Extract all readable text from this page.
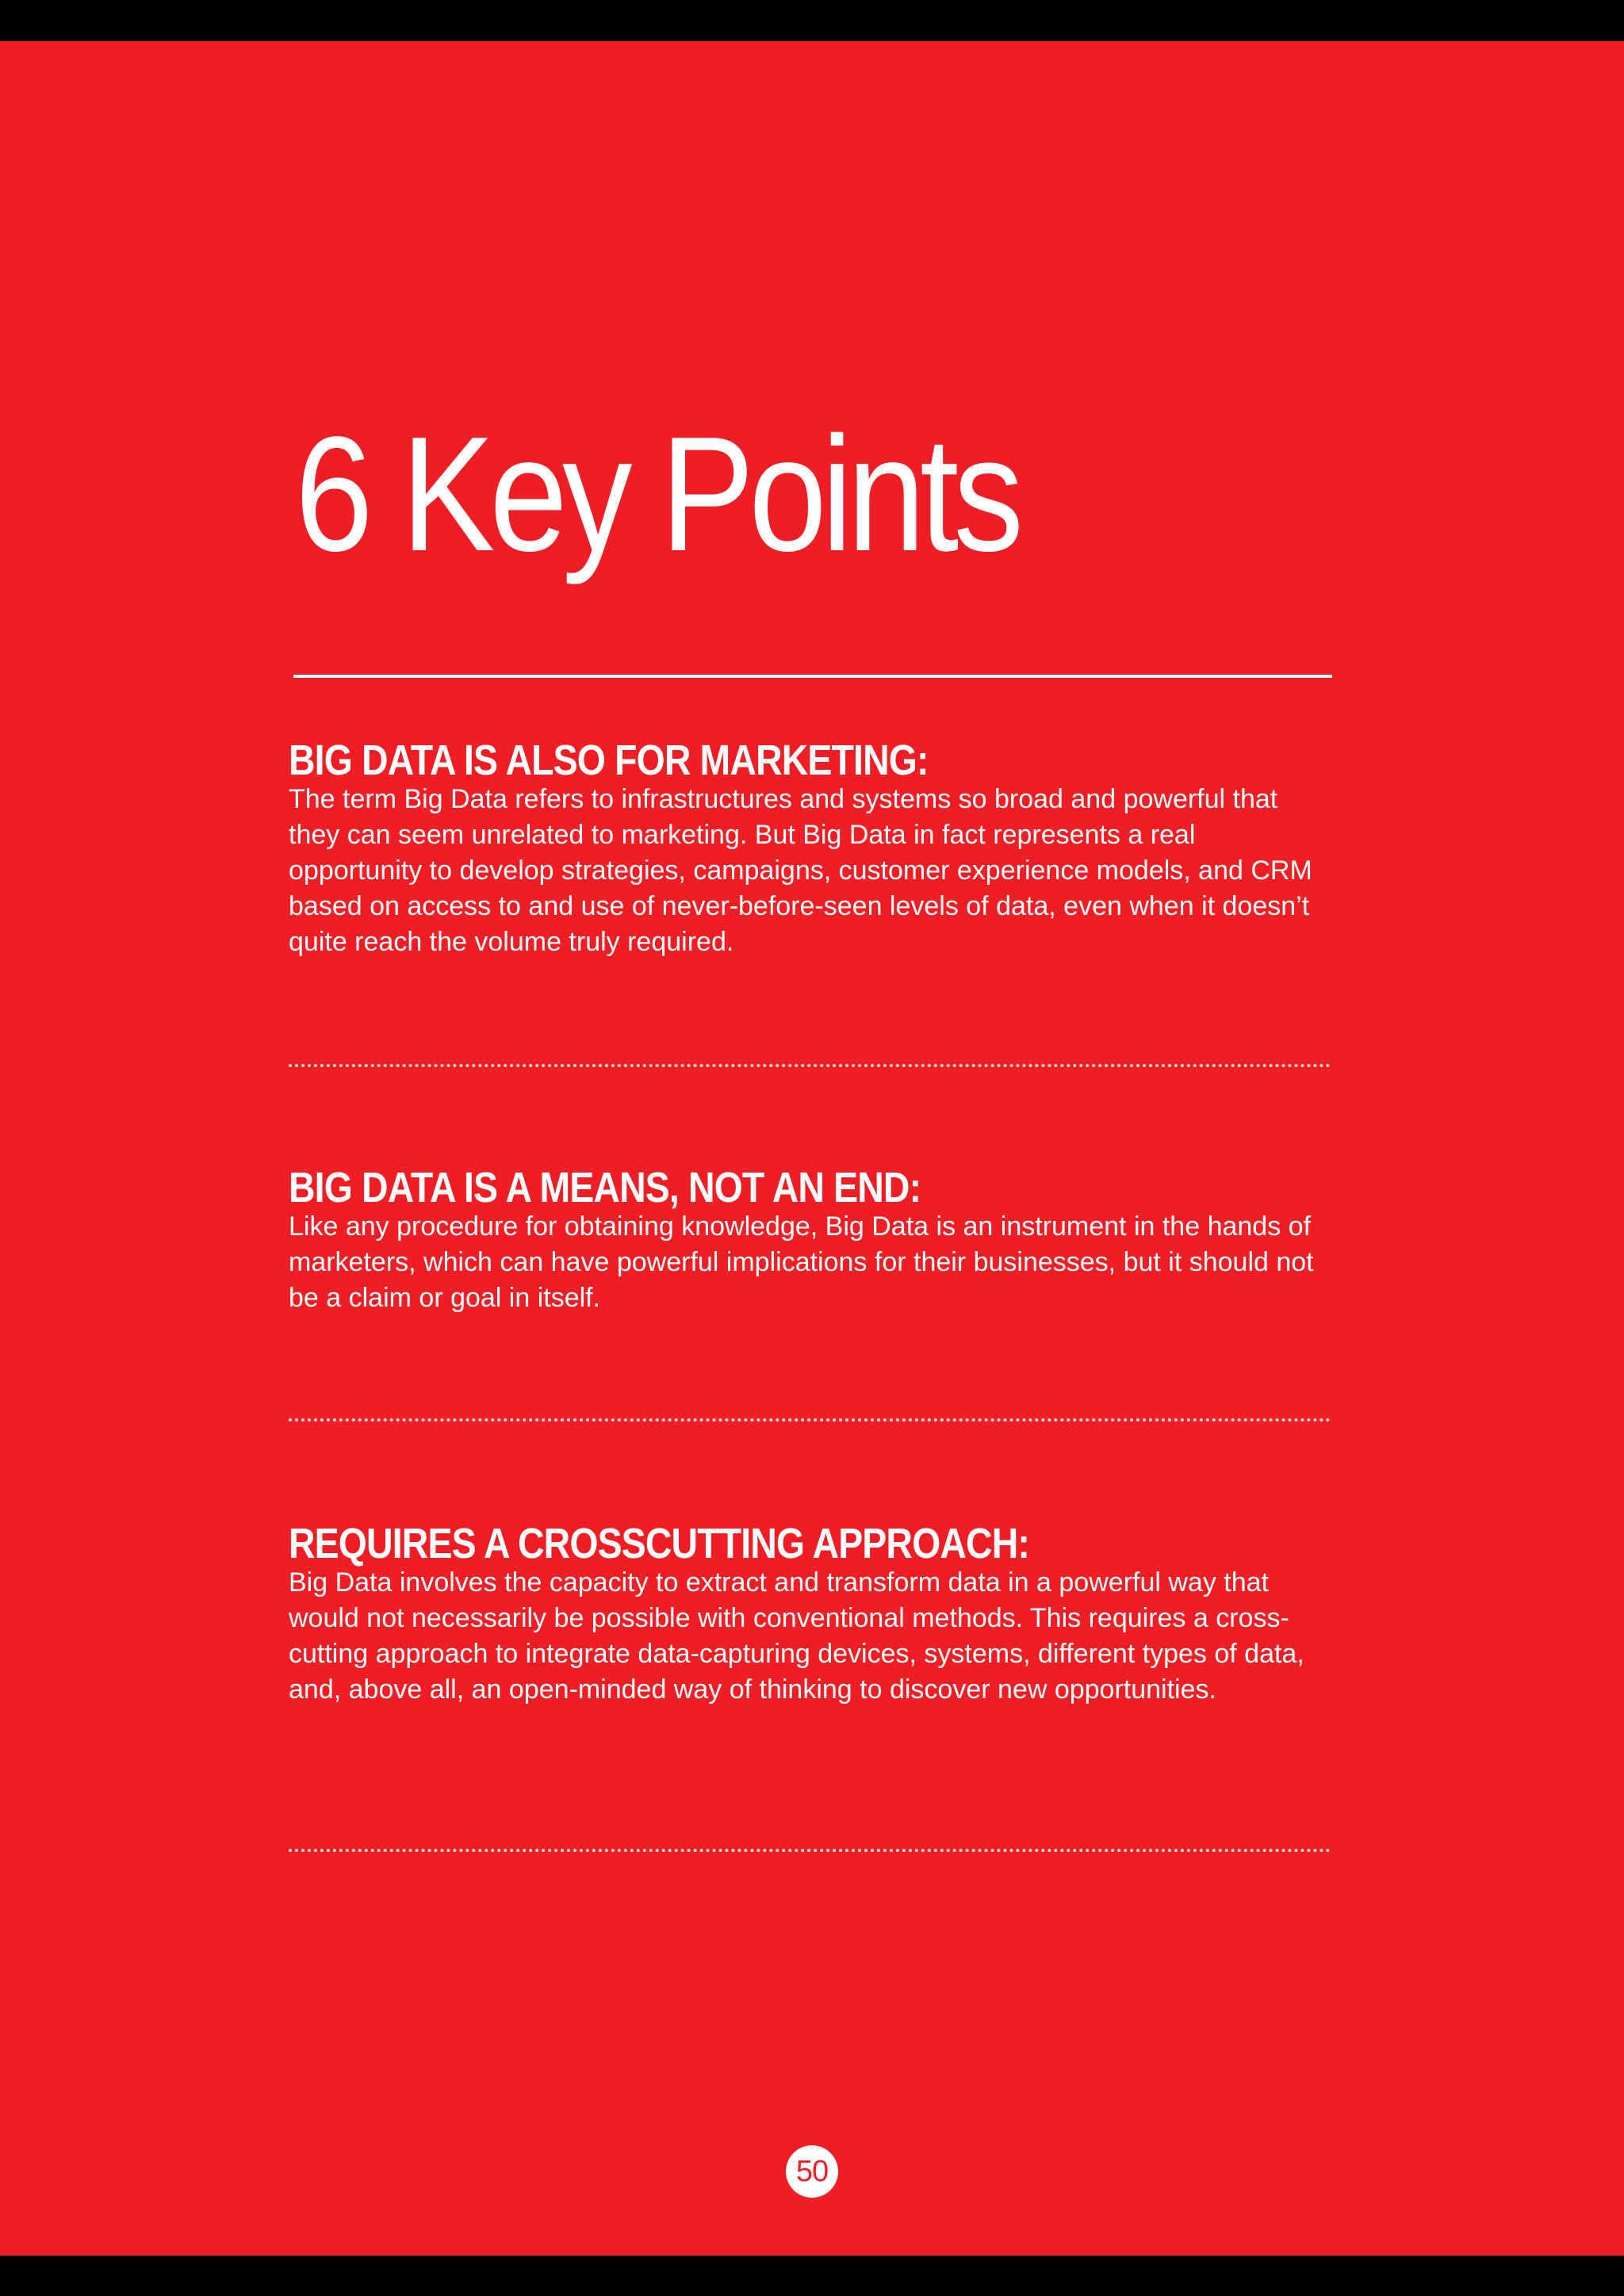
6 Key Points
BIG DATA IS ALSO FOR MARKETING:

The term Big Data refers to infrastructures and systems so broad and powerful that they can seem unrelated to marketing. But Big Data in fact represents a real opportunity to develop strategies, campaigns, customer experience models, and CRM based on access to and use of never-before-seen levels of data, even when it doesn’t quite reach the volume truly required.

BIG DATA IS A MEANS, NOT AN END:

Like any procedure for obtaining knowledge, Big Data is an instrument in the hands of marketers, which can have powerful implications for their businesses, but it should not be a claim or goal in itself.

REQUIRES A CROSSCUTTING APPROACH:

Big Data involves the capacity to extract and transform data in a powerful way that would not necessarily be possible with conventional methods. This requires a cross-cutting approach to integrate data-capturing devices, systems, different types of data, and, above all, an open-minded way of thinking to discover new opportunities.

50
